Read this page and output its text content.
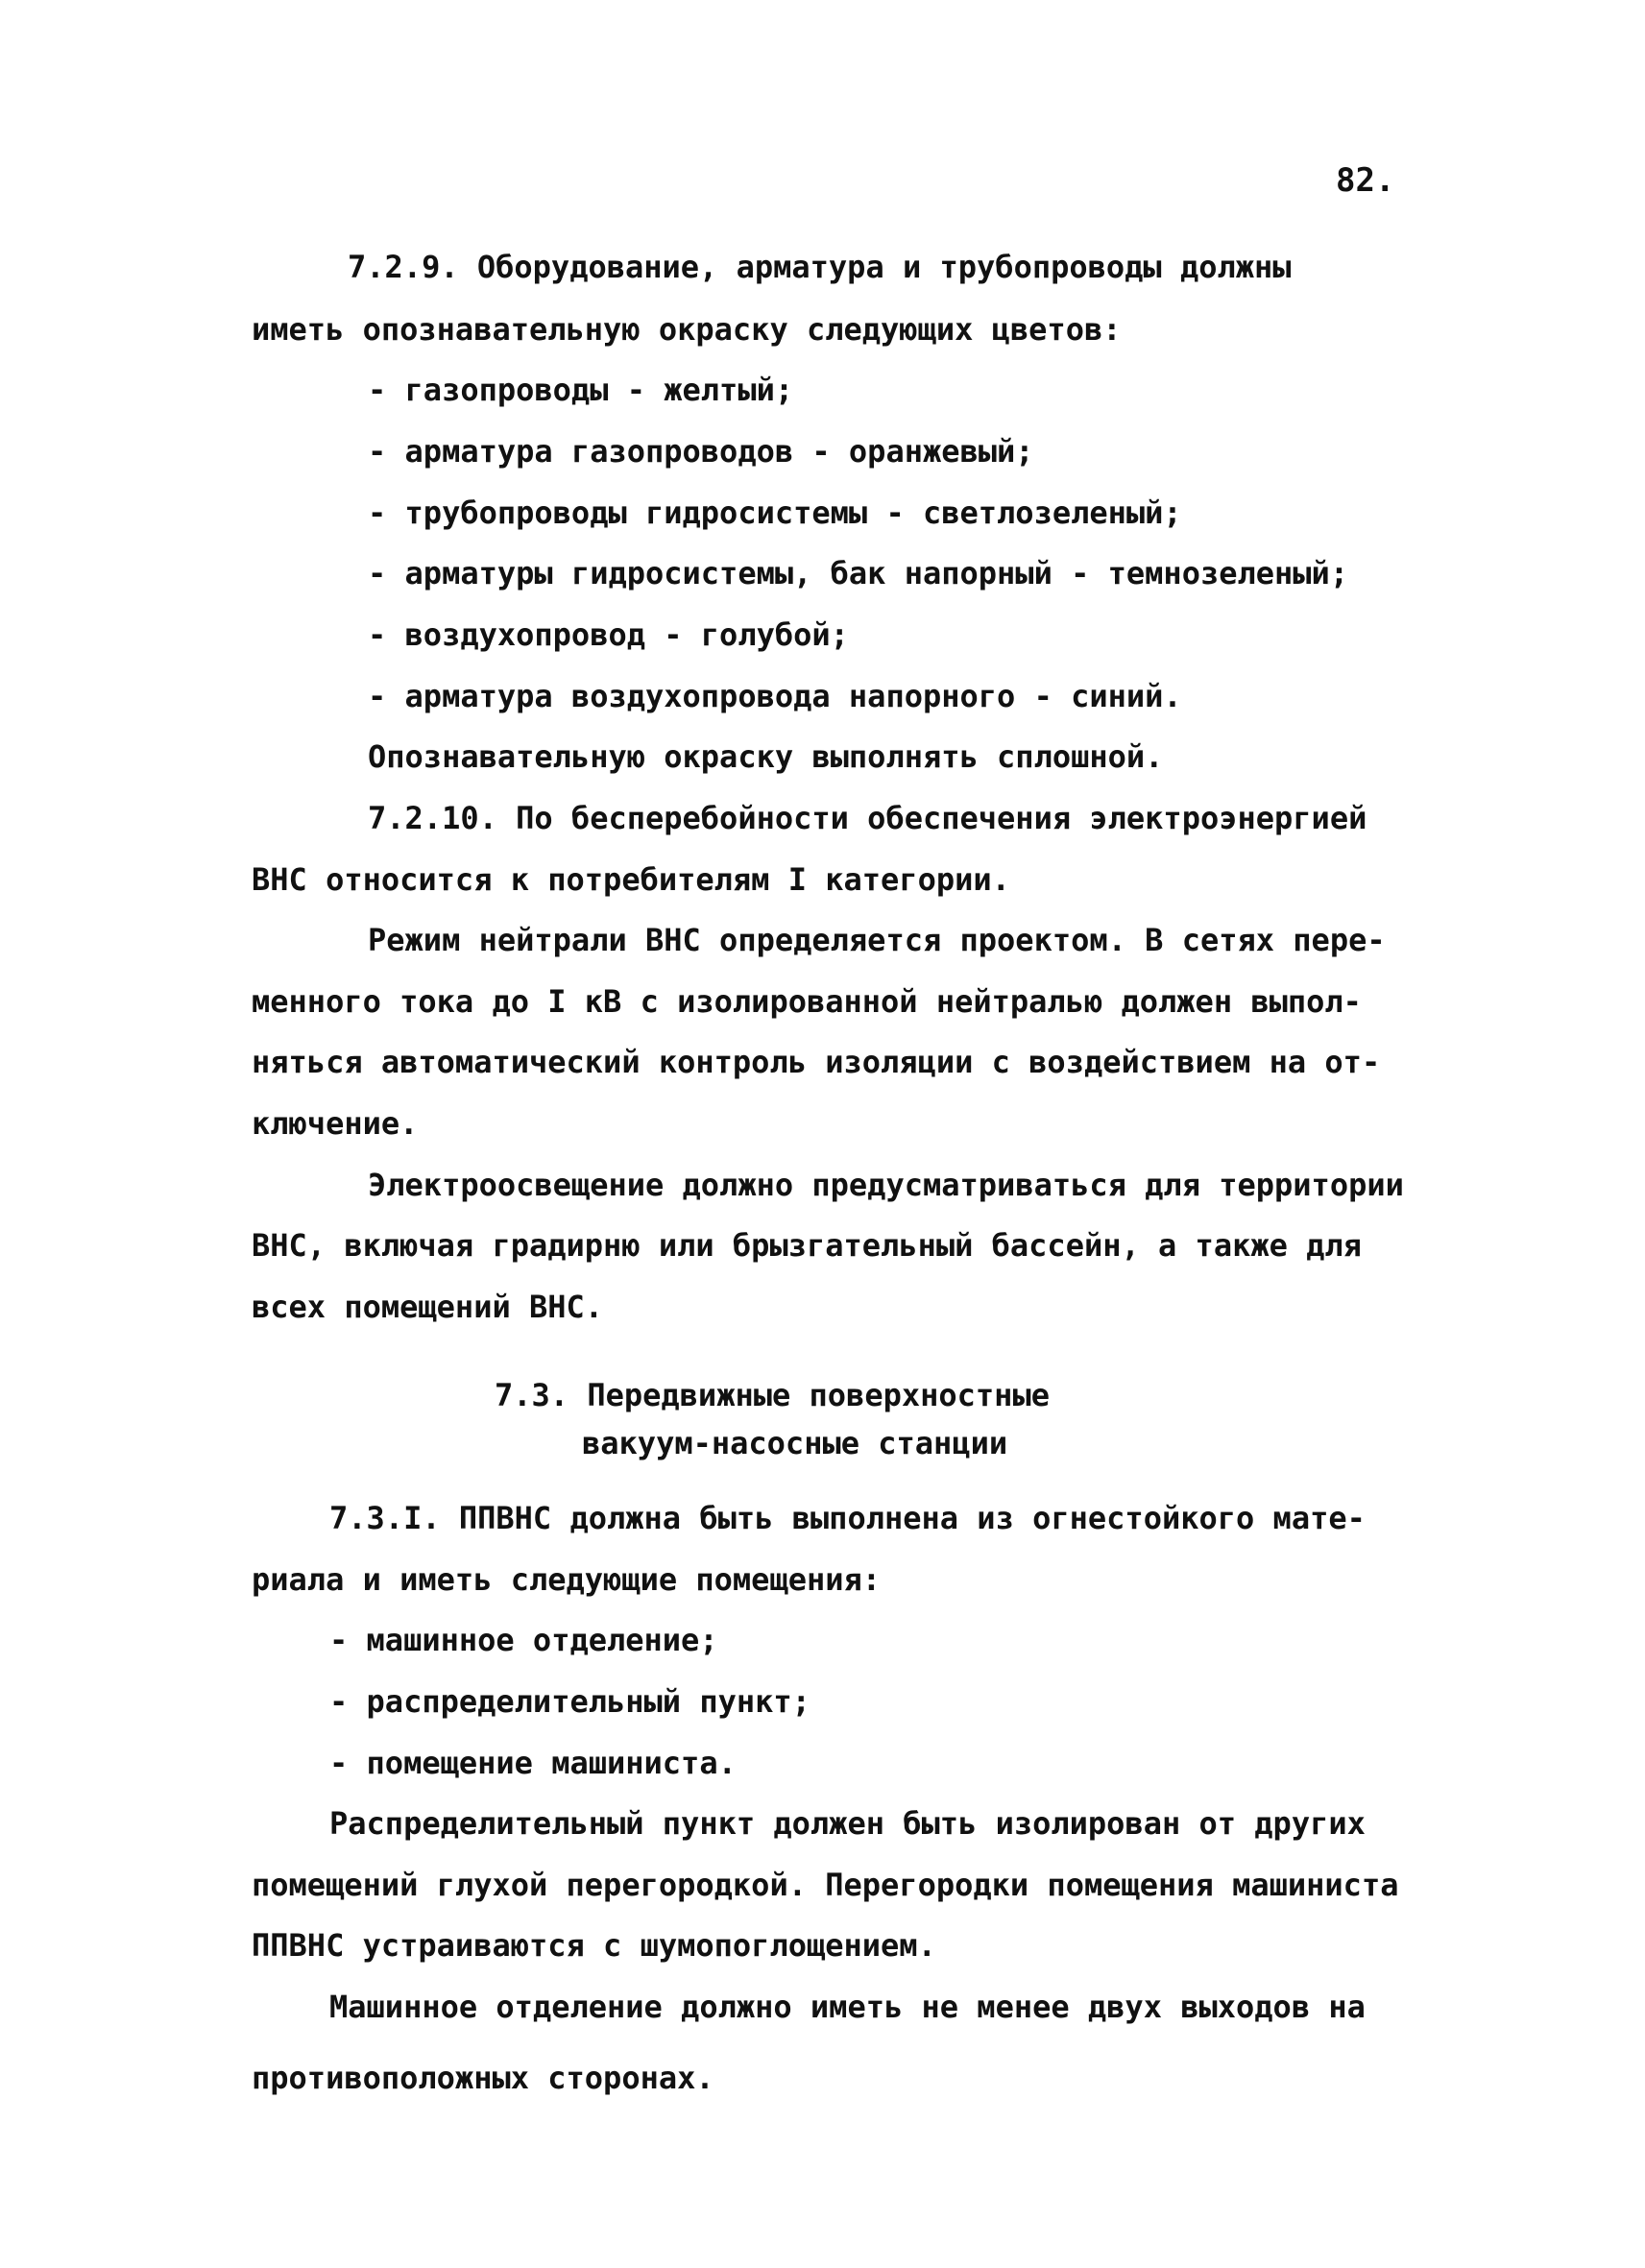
82.
7.2.9. Оборудование, арматура и трубопроводы должны
иметь опознавательную окраску следующих цветов:
- газопроводы - желтый;
- арматура газопроводов - оранжевый;
- трубопроводы гидросистемы - светлозеленый;
- арматуры гидросистемы, бак напорный - темнозеленый;
- воздухопровод - голубой;
- арматура воздухопровода напорного - синий.
Опознавательную окраску выполнять сплошной.
7.2.10. По бесперебойности обеспечения электроэнергией
ВНС относится к потребителям I категории.
Режим нейтрали ВНС определяется проектом. В сетях пере-
менного тока до I кВ с изолированной нейтралью должен выпол-
няться автоматический контроль изоляции с воздействием на от-
ключение.
Электроосвещение должно предусматриваться для территории
ВНС, включая градирню или брызгательный бассейн, а также для
всех помещений ВНС.
7.3. Передвижные поверхностные
вакуум-насосные станции
7.3.I. ППВНС должна быть выполнена из огнестойкого мате-
риала и иметь следующие помещения:
- машинное отделение;
- распределительный пункт;
- помещение машиниста.
Распределительный пункт должен быть изолирован от других
помещений глухой перегородкой. Перегородки помещения машиниста
ППВНС устраиваются с шумопоглощением.
Машинное отделение должно иметь не менее двух выходов на
противоположных сторонах.
